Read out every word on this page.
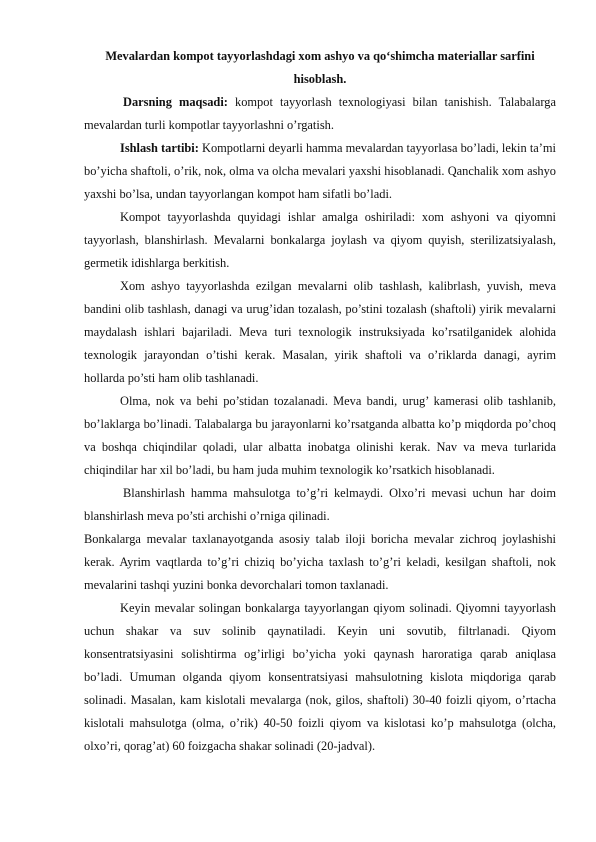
Mevalardan kompot tayyorlashdagi xom ashyo va qo‘shimcha materiallar sarfini hisoblash.

Darsning maqsadi: kompot tayyorlash texnologiyasi bilan tanishish. Talabalarga mevalardan turli kompotlar tayyorlashni o’rgatish.

Ishlash tartibi: Kompotlarni deyarli hamma mevalardan tayyorlasa bo’ladi, lekin ta’mi bo’yicha shaftoli, o’rik, nok, olma va olcha mevalari yaxshi hisoblanadi. Qanchalik xom ashyo yaxshi bo’lsa, undan tayyorlangan kompot ham sifatli bo’ladi.

Kompot tayyorlashda quyidagi ishlar amalga oshiriladi: xom ashyoni va qiyomni tayyorlash, blanshirlash. Mevalarni bonkalarga joylash va qiyom quyish, sterilizatsiyalash, germetik idishlarga berkitish.

Xom ashyo tayyorlashda ezilgan mevalarni olib tashlash, kalibrlash, yuvish, meva bandini olib tashlash, danagi va urug’idan tozalash, po’stini tozalash (shaftoli) yirik mevalarni maydalash ishlari bajariladi. Meva turi texnologik instruksiyada ko’rsatilganidek alohida texnologik jarayondan o’tishi kerak. Masalan, yirik shaftoli va o’riklarda danagi, ayrim hollarda po’sti ham olib tashlanadi.

Olma, nok va behi po’stidan tozalanadi. Meva bandi, urug’ kamerasi olib tashlanib, bo’laklarga bo’linadi. Talabalarga bu jarayonlarni ko’rsatganda albatta ko’p miqdorda po’choq va boshqa chiqindilar qoladi, ular albatta inobatga olinishi kerak. Nav va meva turlarida chiqindilar har xil bo’ladi, bu ham juda muhim texnologik ko’rsatkich hisoblanadi.

Blanshirlash hamma mahsulotga to’g’ri kelmaydi. Olxo’ri mevasi uchun har doim blanshirlash meva po’sti archishi o’rniga qilinadi.

Bonkalarga mevalar taxlanayotganda asosiy talab iloji boricha mevalar zichroq joylashishi kerak. Ayrim vaqtlarda to’g’ri chiziq bo’yicha taxlash to’g’ri keladi, kesilgan shaftoli, nok mevalarini tashqi yuzini bonka devorchalari tomon taxlanadi.

Keyin mevalar solingan bonkalarga tayyorlangan qiyom solinadi. Qiyomni tayyorlash uchun shakar va suv solinib qaynatiladi. Keyin uni sovutib, filtrlanadi. Qiyom konsentratsiyasini solishtirma og’irligi bo’yicha yoki qaynash haroratiga qarab aniqlasa bo’ladi. Umuman olganda qiyom konsentratsiyasi mahsulotning kislota miqdoriga qarab solinadi. Masalan, kam kislotali mevalarga (nok, gilos, shaftoli) 30-40 foizli qiyom, o’rtacha kislotali mahsulotga (olma, o’rik) 40-50 foizli qiyom va kislotasi ko’p mahsulotga (olcha, olxo’ri, qorag’at) 60 foizgacha shakar solinadi (20-jadval).
